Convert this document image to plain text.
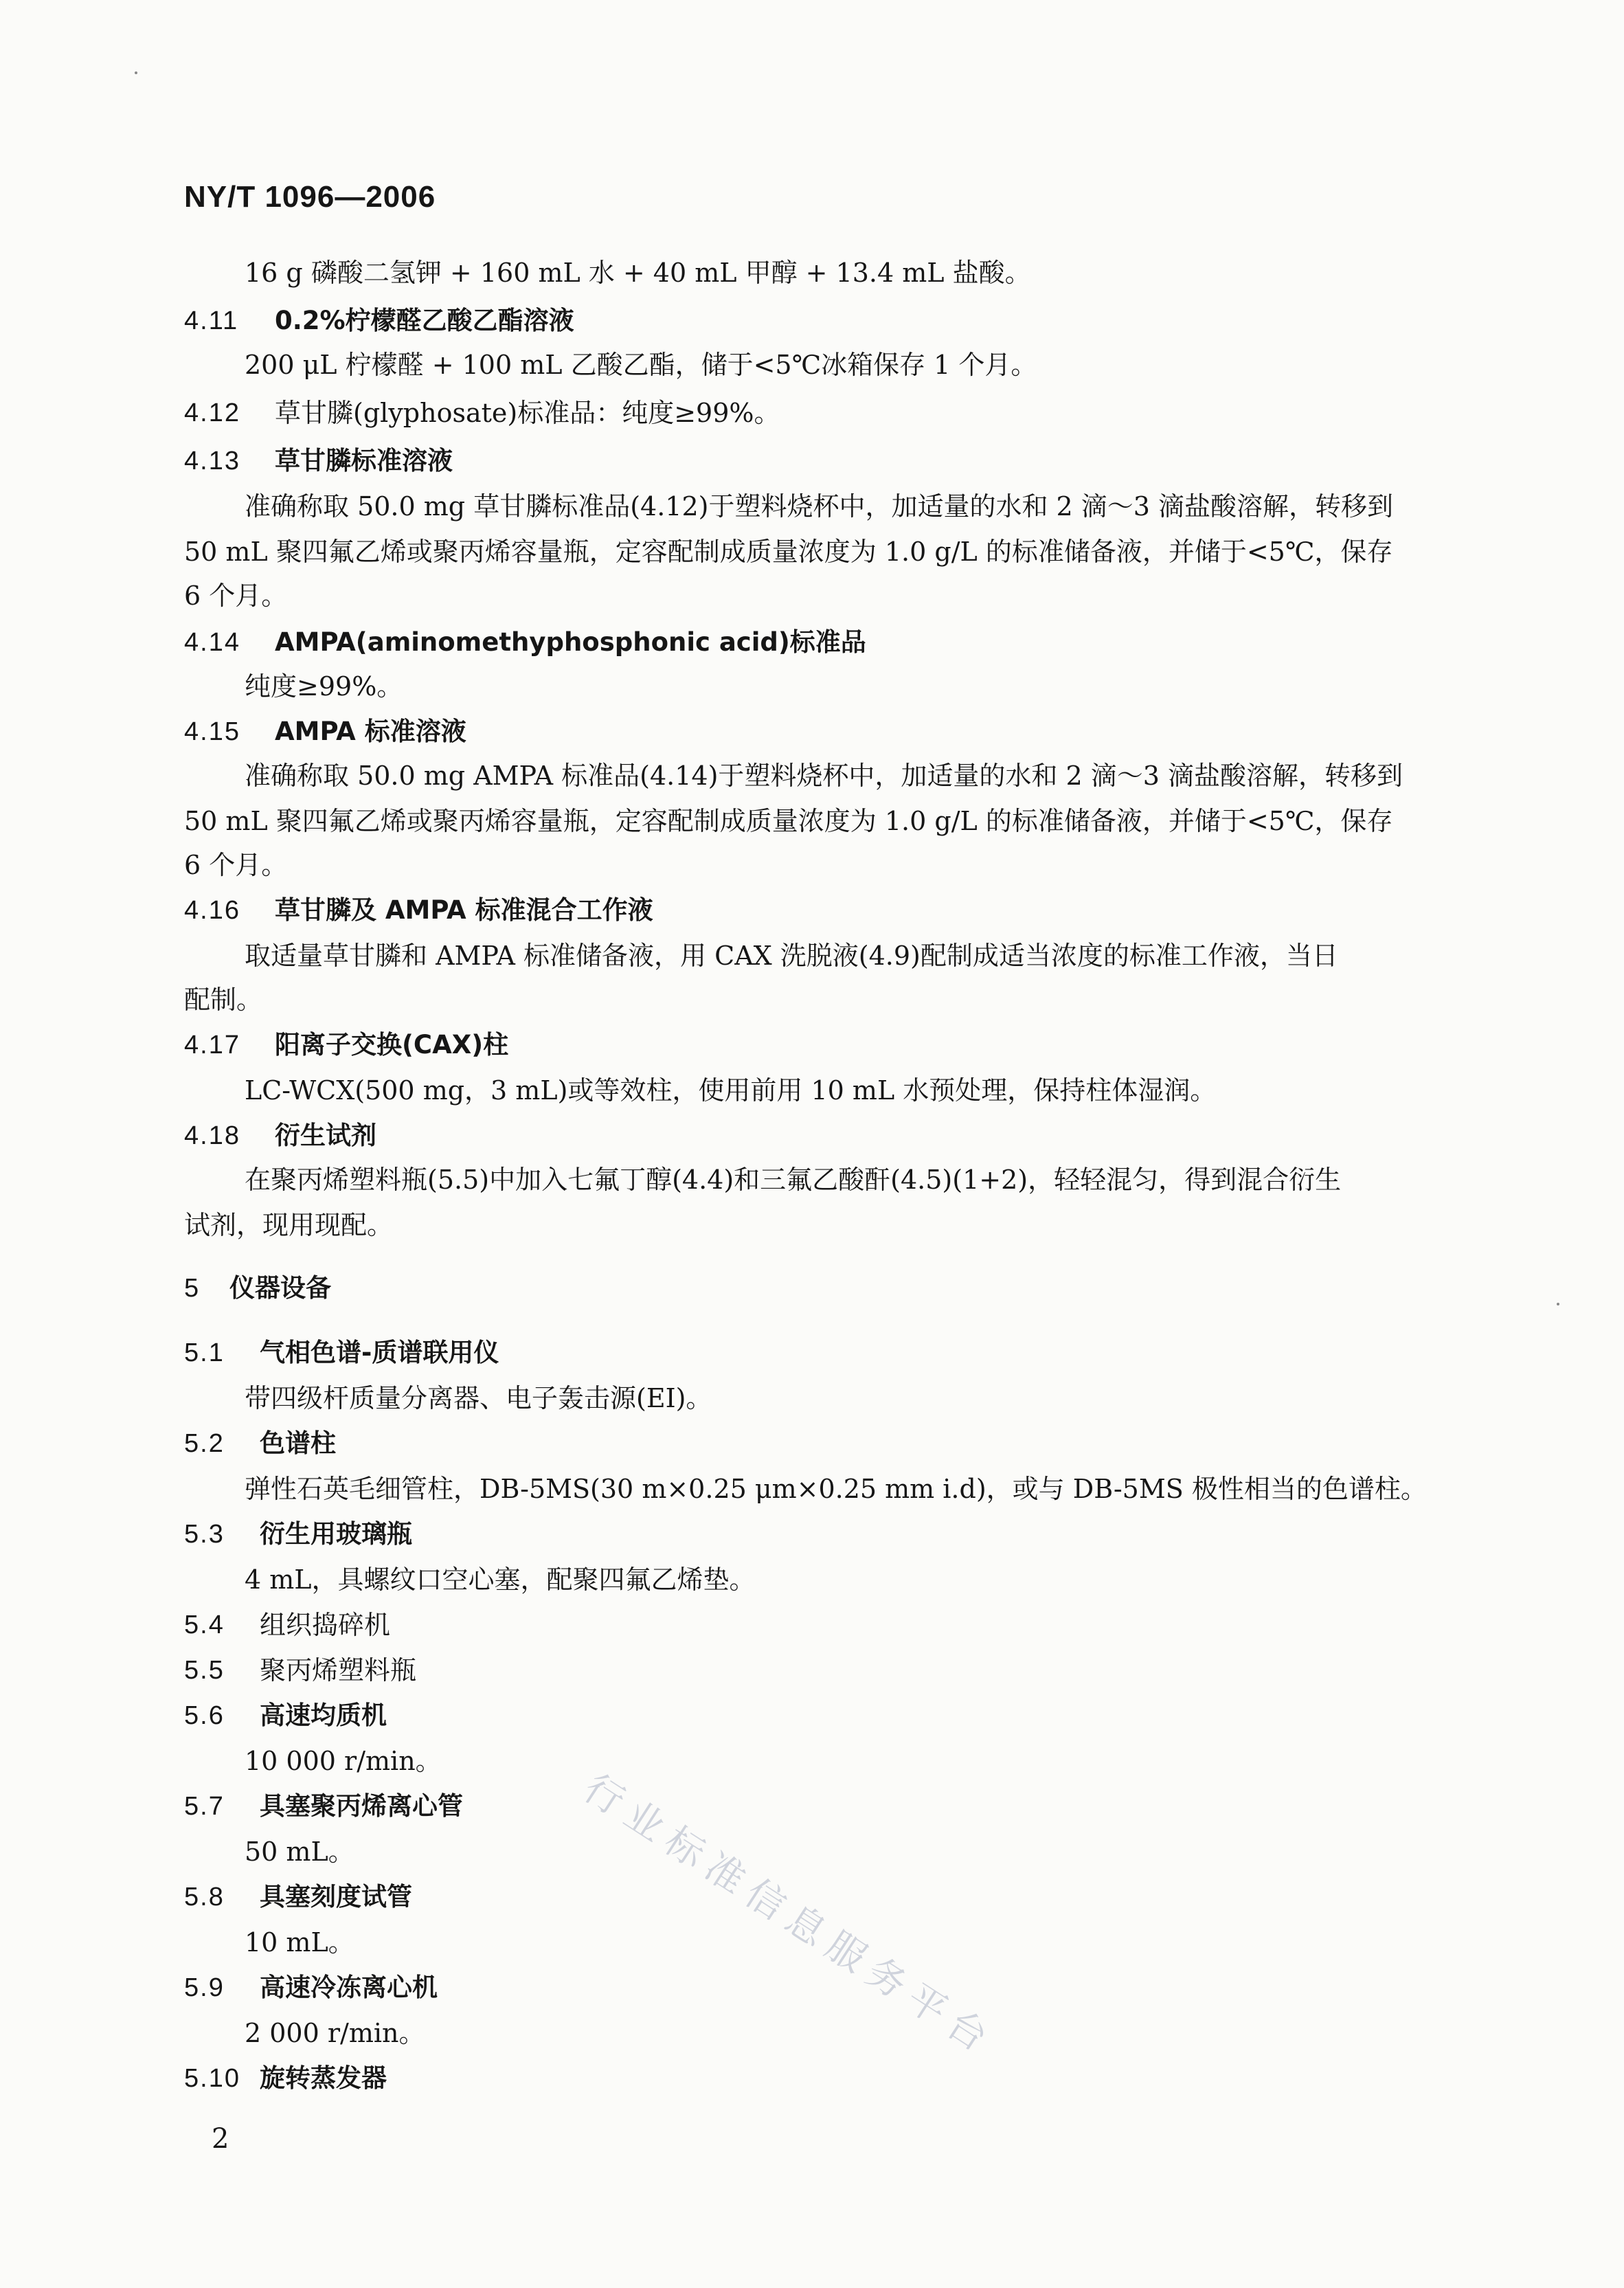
NY/T 1096—2006
16 g 磷酸二氢钾 + 160 mL 水 + 40 mL 甲醇 + 13.4 mL 盐酸。
4.11 0.2%柠檬醛乙酸乙酯溶液
200 μL 柠檬醛 + 100 mL 乙酸乙酯，储于<5℃冰箱保存 1 个月。
4.12 草甘膦(glyphosate)标准品：纯度≥99%。
4.13 草甘膦标准溶液
准确称取 50.0 mg 草甘膦标准品(4.12)于塑料烧杯中，加适量的水和 2 滴～3 滴盐酸溶解，转移到
50 mL 聚四氟乙烯或聚丙烯容量瓶，定容配制成质量浓度为 1.0 g/L 的标准储备液，并储于<5℃，保存
6 个月。
4.14 AMPA(aminomethyphosphonic acid)标准品
纯度≥99%。
4.15 AMPA 标准溶液
准确称取 50.0 mg AMPA 标准品(4.14)于塑料烧杯中，加适量的水和 2 滴～3 滴盐酸溶解，转移到
50 mL 聚四氟乙烯或聚丙烯容量瓶，定容配制成质量浓度为 1.0 g/L 的标准储备液，并储于<5℃，保存
6 个月。
4.16 草甘膦及 AMPA 标准混合工作液
取适量草甘膦和 AMPA 标准储备液，用 CAX 洗脱液(4.9)配制成适当浓度的标准工作液，当日
配制。
4.17 阳离子交换(CAX)柱
LC-WCX(500 mg，3 mL)或等效柱，使用前用 10 mL 水预处理，保持柱体湿润。
4.18 衍生试剂
在聚丙烯塑料瓶(5.5)中加入七氟丁醇(4.4)和三氟乙酸酐(4.5)(1+2)，轻轻混匀，得到混合衍生
试剂，现用现配。
5 仪器设备
5.1 气相色谱-质谱联用仪
带四级杆质量分离器、电子轰击源(EI)。
5.2 色谱柱
弹性石英毛细管柱，DB-5MS(30 m×0.25 μm×0.25 mm i.d)，或与 DB-5MS 极性相当的色谱柱。
5.3 衍生用玻璃瓶
4 mL，具螺纹口空心塞，配聚四氟乙烯垫。
5.4 组织捣碎机
5.5 聚丙烯塑料瓶
5.6 高速均质机
10 000 r/min。
5.7 具塞聚丙烯离心管
50 mL。
5.8 具塞刻度试管
10 mL。
5.9 高速冷冻离心机
2 000 r/min。
5.10 旋转蒸发器
行业标准信息服务平台
2
